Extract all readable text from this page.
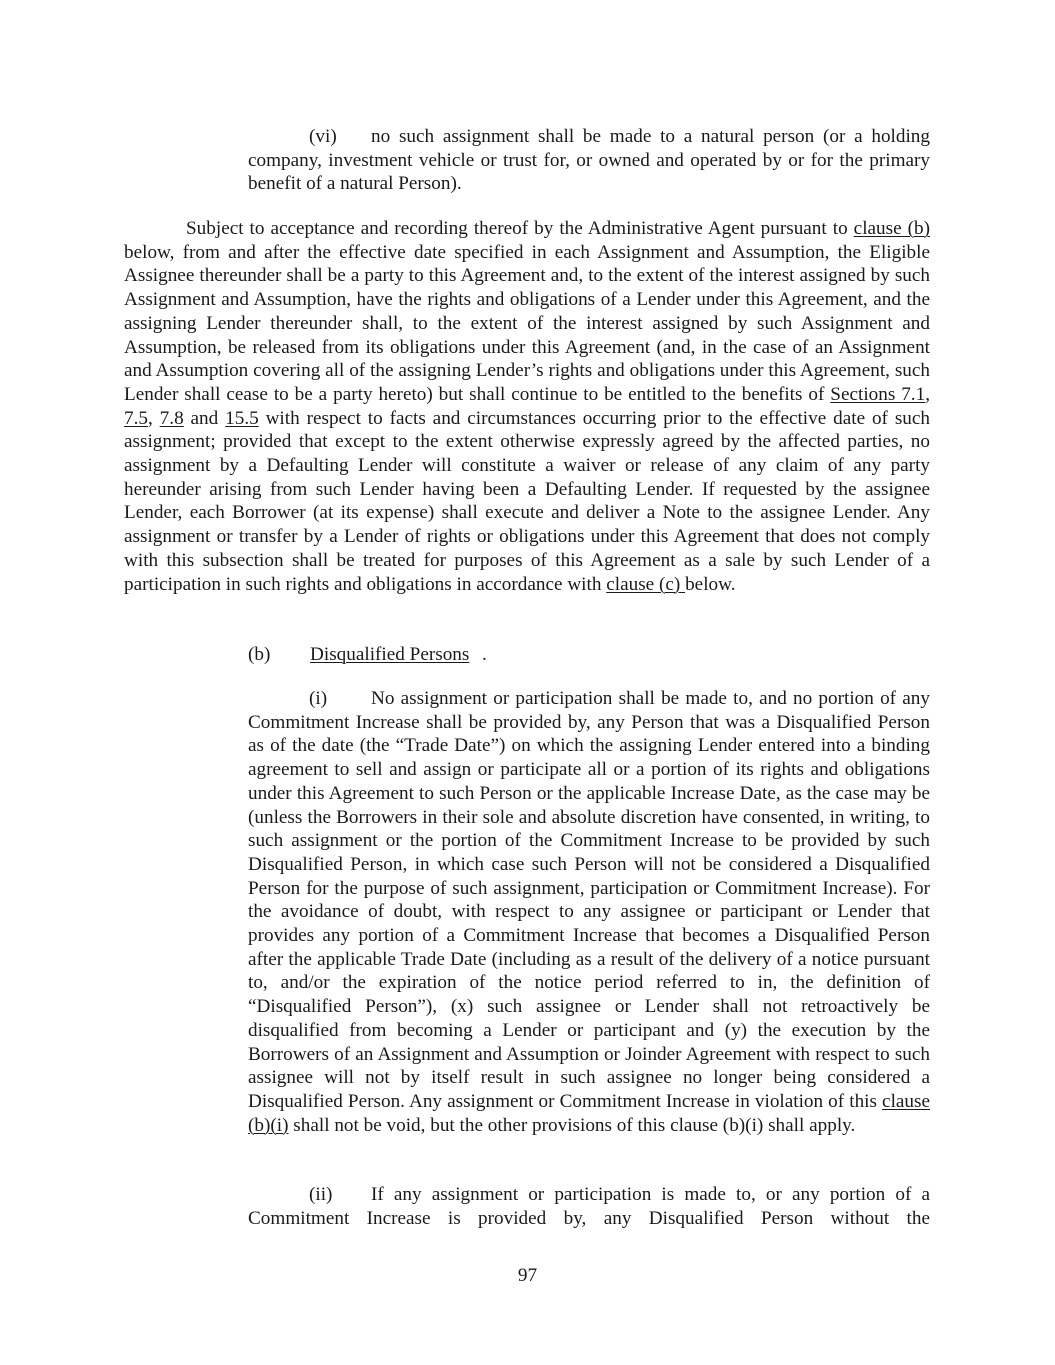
(vi) no such assignment shall be made to a natural person (or a holding company, investment vehicle or trust for, or owned and operated by or for the primary benefit of a natural Person).

Subject to acceptance and recording thereof by the Administrative Agent pursuant to clause (b) below, from and after the effective date specified in each Assignment and Assumption, the Eligible Assignee thereunder shall be a party to this Agreement and, to the extent of the interest assigned by such Assignment and Assumption, have the rights and obligations of a Lender under this Agreement, and the assigning Lender thereunder shall, to the extent of the interest assigned by such Assignment and Assumption, be released from its obligations under this Agreement (and, in the case of an Assignment and Assumption covering all of the assigning Lender’s rights and obligations under this Agreement, such Lender shall cease to be a party hereto) but shall continue to be entitled to the benefits of Sections 7.1, 7.5, 7.8 and 15.5 with respect to facts and circumstances occurring prior to the effective date of such assignment; provided that except to the extent otherwise expressly agreed by the affected parties, no assignment by a Defaulting Lender will constitute a waiver or release of any claim of any party hereunder arising from such Lender having been a Defaulting Lender. If requested by the assignee Lender, each Borrower (at its expense) shall execute and deliver a Note to the assignee Lender. Any assignment or transfer by a Lender of rights or obligations under this Agreement that does not comply with this subsection shall be treated for purposes of this Agreement as a sale by such Lender of a participation in such rights and obligations in accordance with clause (c) below.

(b) Disqualified Persons .

(i) No assignment or participation shall be made to, and no portion of any Commitment Increase shall be provided by, any Person that was a Disqualified Person as of the date (the “Trade Date”) on which the assigning Lender entered into a binding agreement to sell and assign or participate all or a portion of its rights and obligations under this Agreement to such Person or the applicable Increase Date, as the case may be (unless the Borrowers in their sole and absolute discretion have consented, in writing, to such assignment or the portion of the Commitment Increase to be provided by such Disqualified Person, in which case such Person will not be considered a Disqualified Person for the purpose of such assignment, participation or Commitment Increase). For the avoidance of doubt, with respect to any assignee or participant or Lender that provides any portion of a Commitment Increase that becomes a Disqualified Person after the applicable Trade Date (including as a result of the delivery of a notice pursuant to, and/or the expiration of the notice period referred to in, the definition of “Disqualified Person”), (x) such assignee or Lender shall not retroactively be disqualified from becoming a Lender or participant and (y) the execution by the Borrowers of an Assignment and Assumption or Joinder Agreement with respect to such assignee will not by itself result in such assignee no longer being considered a Disqualified Person. Any assignment or Commitment Increase in violation of this clause (b)(i) shall not be void, but the other provisions of this clause (b)(i) shall apply.

(ii) If any assignment or participation is made to, or any portion of a Commitment Increase is provided by, any Disqualified Person without the

97
